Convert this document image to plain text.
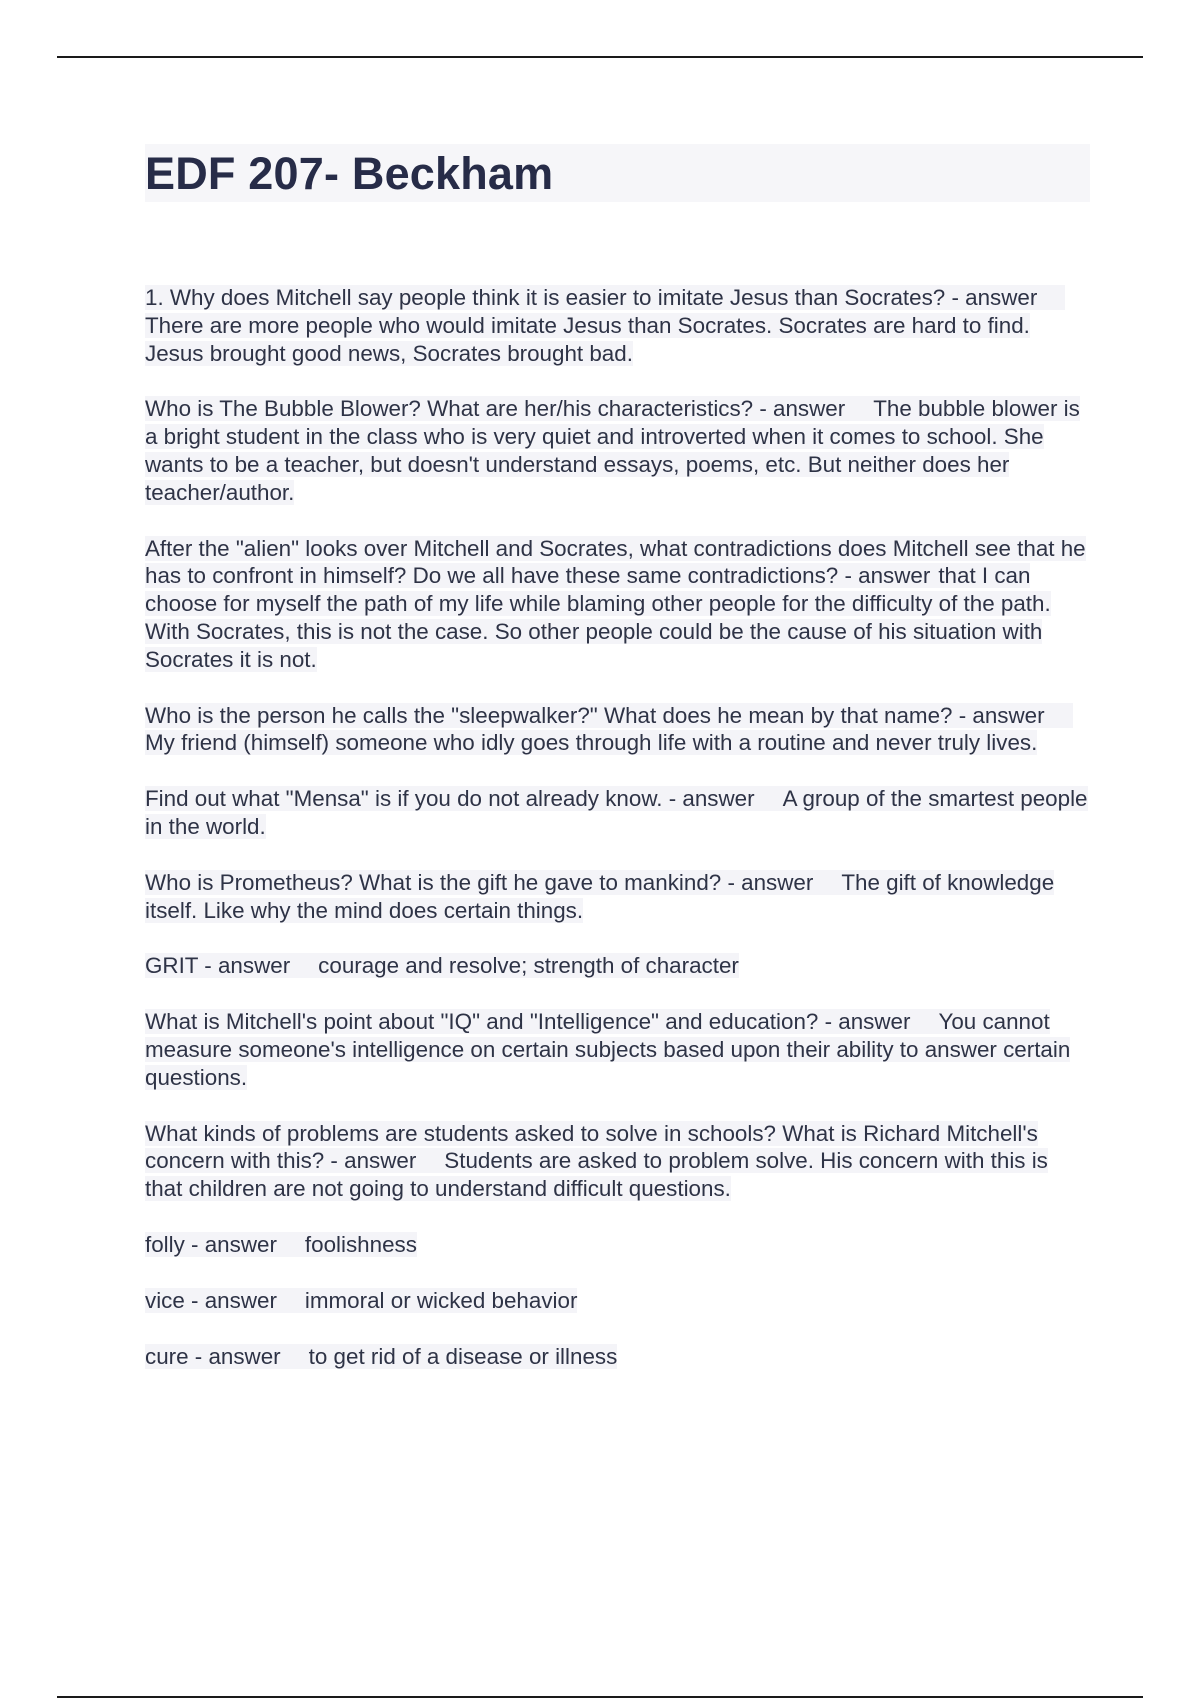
EDF 207- Beckham

1. Why does Mitchell say people think it is easier to imitate Jesus than Socrates? - answerThere are more people who would imitate Jesus than Socrates. Socrates are hard to find. Jesus brought good news, Socrates brought bad.

Who is The Bubble Blower? What are her/his characteristics? - answer The bubble blower is a bright student in the class who is very quiet and introverted when it comes to school. She wants to be a teacher, but doesn't understand essays, poems, etc. But neither does her teacher/author.

After the "alien" looks over Mitchell and Socrates, what contradictions does Mitchell see that he has to confront in himself? Do we all have these same contradictions? - answer that I can choose for myself the path of my life while blaming other people for the difficulty of the path. With Socrates, this is not the case. So other people could be the cause of his situation with Socrates it is not.

Who is the person he calls the "sleepwalker?" What does he mean by that name? - answerMy friend (himself) someone who idly goes through life with a routine and never truly lives.

Find out what "Mensa" is if you do not already know. - answer A group of the smartest people in the world.

Who is Prometheus? What is the gift he gave to mankind? - answer The gift of knowledge itself. Like why the mind does certain things.

GRIT - answer courage and resolve; strength of character

What is Mitchell's point about "IQ" and "Intelligence" and education? - answer You cannot measure someone's intelligence on certain subjects based upon their ability to answer certain questions.

What kinds of problems are students asked to solve in schools? What is Richard Mitchell's concern with this? - answer Students are asked to problem solve. His concern with this is that children are not going to understand difficult questions.

folly - answer foolishness

vice - answer immoral or wicked behavior

cure - answer to get rid of a disease or illness
